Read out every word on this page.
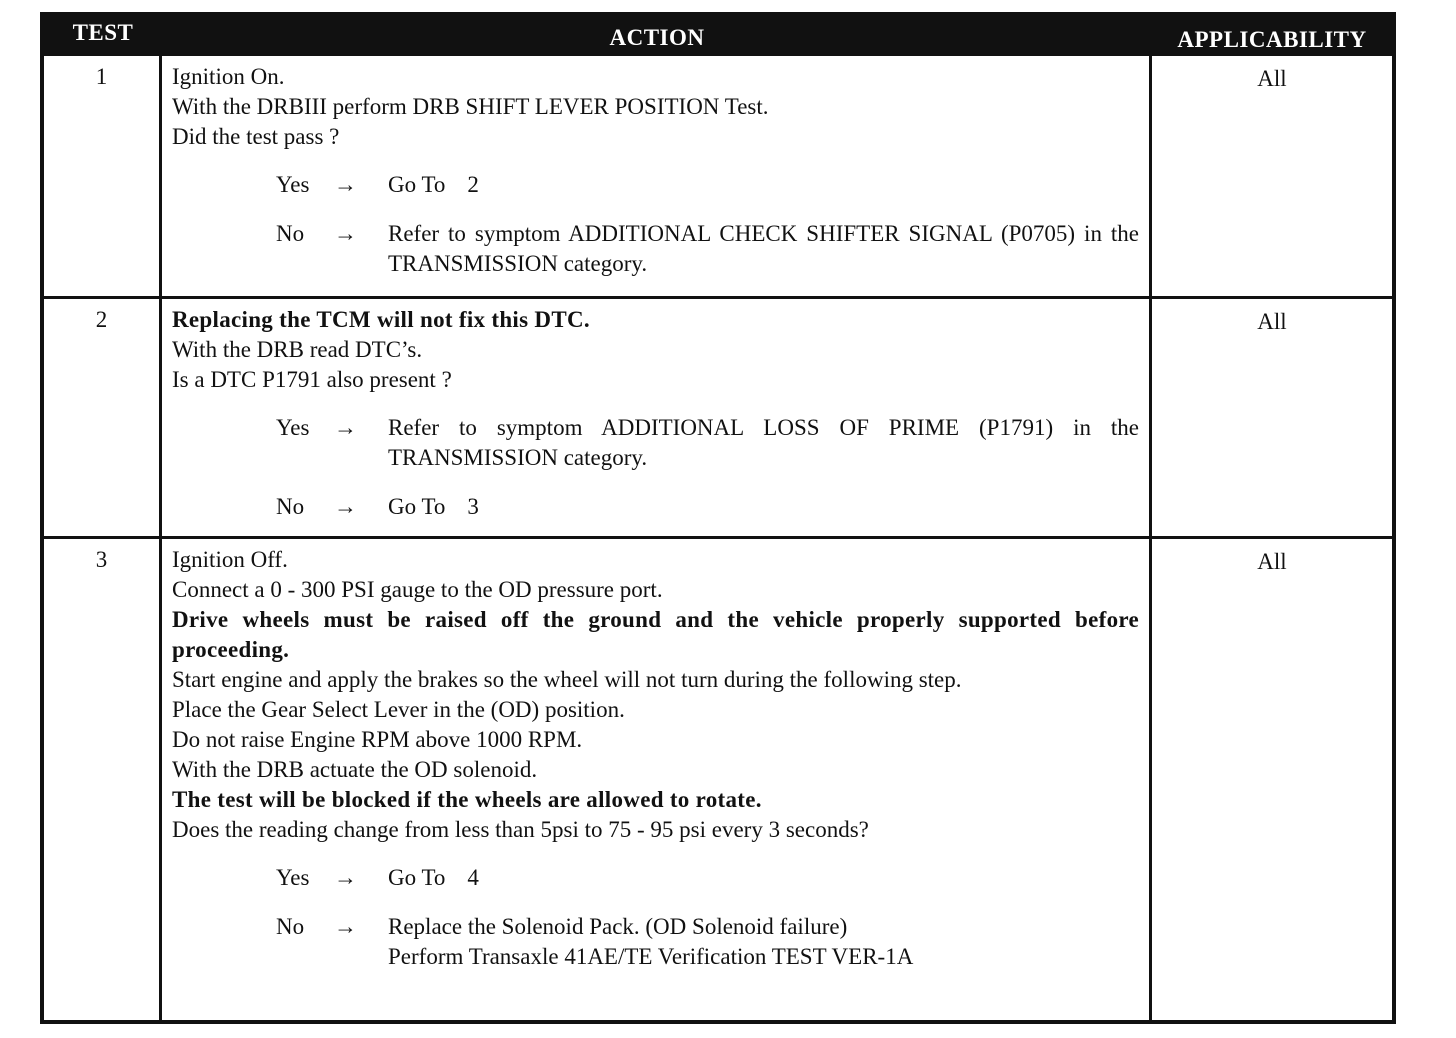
TEST	ACTION	APPLICABILITY
1	Ignition On.
With the DRBIII perform DRB SHIFT LEVER POSITION Test.
Did the test pass ?
Yes	→	Go To 2
No	→	Refer to symptom ADDITIONAL CHECK SHIFTER SIGNAL (P0705) in the TRANSMISSION category.
All
2	Replacing the TCM will not fix this DTC.
With the DRB read DTC’s.
Is a DTC P1791 also present ?
Yes	→	Refer to symptom ADDITIONAL LOSS OF PRIME (P1791) in the TRANSMISSION category.
No	→	Go To 3
All
3	Ignition Off.
Connect a 0 - 300 PSI gauge to the OD pressure port.
Drive wheels must be raised off the ground and the vehicle properly supported before proceeding.
Start engine and apply the brakes so the wheel will not turn during the following step.
Place the Gear Select Lever in the (OD) position.
Do not raise Engine RPM above 1000 RPM.
With the DRB actuate the OD solenoid.
The test will be blocked if the wheels are allowed to rotate.
Does the reading change from less than 5psi to 75 - 95 psi every 3 seconds?
Yes	→	Go To 4
No	→	Replace the Solenoid Pack. (OD Solenoid failure)
Perform Transaxle 41AE/TE Verification TEST VER-1A
All
